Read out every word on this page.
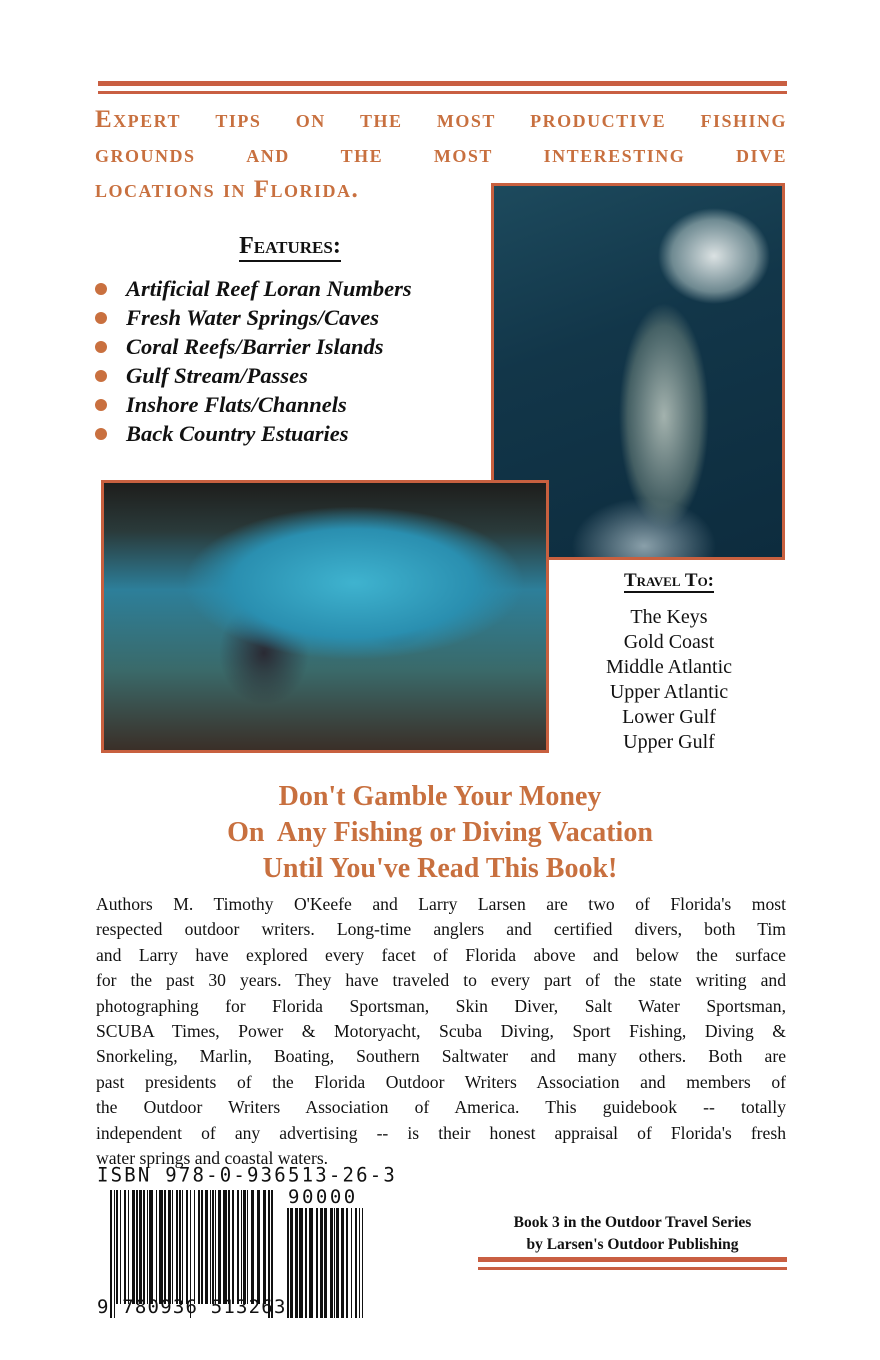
Expert tips on the most productive fishing
grounds and the most interesting dive
locations in Florida.
Features:
Artificial Reef Loran Numbers
Fresh Water Springs/Caves
Coral Reefs/Barrier Islands
Gulf Stream/Passes
Inshore Flats/Channels
Back Country Estuaries
Travel To:
The Keys
Gold Coast
Middle Atlantic
Upper Atlantic
Lower Gulf
Upper Gulf
Don't Gamble Your Money
On  Any Fishing or Diving Vacation
Until You've Read This Book!
Authors M. Timothy O'Keefe and Larry Larsen are two of Florida's most
respected outdoor writers. Long-time anglers and certified divers, both Tim
and Larry have explored every facet of Florida above and below the surface
for the past 30 years. They have traveled to every part of the state writing and
photographing for Florida Sportsman, Skin Diver, Salt Water Sportsman,
SCUBA Times, Power & Motoryacht, Scuba Diving, Sport Fishing, Diving &
Snorkeling, Marlin, Boating, Southern Saltwater and many others. Both are
past presidents of the Florida Outdoor Writers Association and members of
the Outdoor Writers Association of America. This guidebook -- totally
independent of any advertising -- is their honest appraisal of Florida's fresh
water springs and coastal waters.
ISBN 978-0-936513-26-3
90000
9 780936 513263
Book 3 in the Outdoor Travel Series
by Larsen's Outdoor Publishing
